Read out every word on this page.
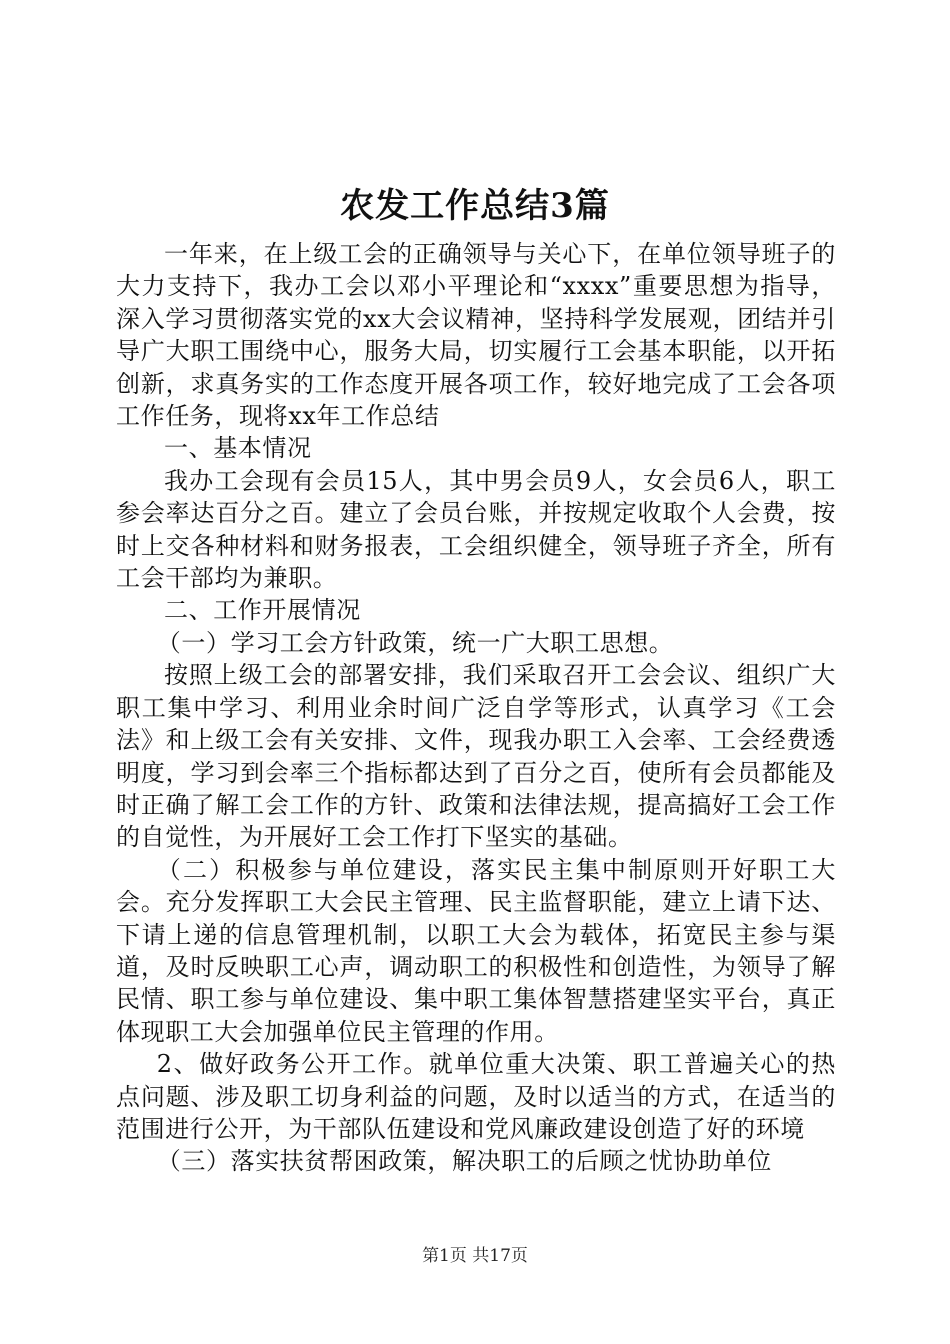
农发工作总结3篇

一年来，在上级工会的正确领导与关心下，在单位领导班子的大力支持下，我办工会以邓小平理论和“xxxx”重要思想为指导，深入学习贯彻落实党的xx大会议精神，坚持科学发展观，团结并引导广大职工围绕中心，服务大局，切实履行工会基本职能，以开拓创新，求真务实的工作态度开展各项工作，较好地完成了工会各项工作任务，现将xx年工作总结

一、基本情况

我办工会现有会员15人，其中男会员9人，女会员6人，职工参会率达百分之百。建立了会员台账，并按规定收取个人会费，按时上交各种材料和财务报表，工会组织健全，领导班子齐全，所有工会干部均为兼职。

二、工作开展情况

（一）学习工会方针政策，统一广大职工思想。

按照上级工会的部署安排，我们采取召开工会会议、组织广大职工集中学习、利用业余时间广泛自学等形式，认真学习《工会法》和上级工会有关安排、文件，现我办职工入会率、工会经费透明度，学习到会率三个指标都达到了百分之百，使所有会员都能及时正确了解工会工作的方针、政策和法律法规，提高搞好工会工作的自觉性，为开展好工会工作打下坚实的基础。

（二）积极参与单位建设，落实民主集中制原则开好职工大会。充分发挥职工大会民主管理、民主监督职能，建立上请下达、下请上递的信息管理机制，以职工大会为载体，拓宽民主参与渠道，及时反映职工心声，调动职工的积极性和创造性，为领导了解民情、职工参与单位建设、集中职工集体智慧搭建坚实平台，真正体现职工大会加强单位民主管理的作用。

2、做好政务公开工作。就单位重大决策、职工普遍关心的热点问题、涉及职工切身利益的问题，及时以适当的方式，在适当的范围进行公开，为干部队伍建设和党风廉政建设创造了好的环境

（三）落实扶贫帮困政策，解决职工的后顾之忧协助单位

第1页 共17页
